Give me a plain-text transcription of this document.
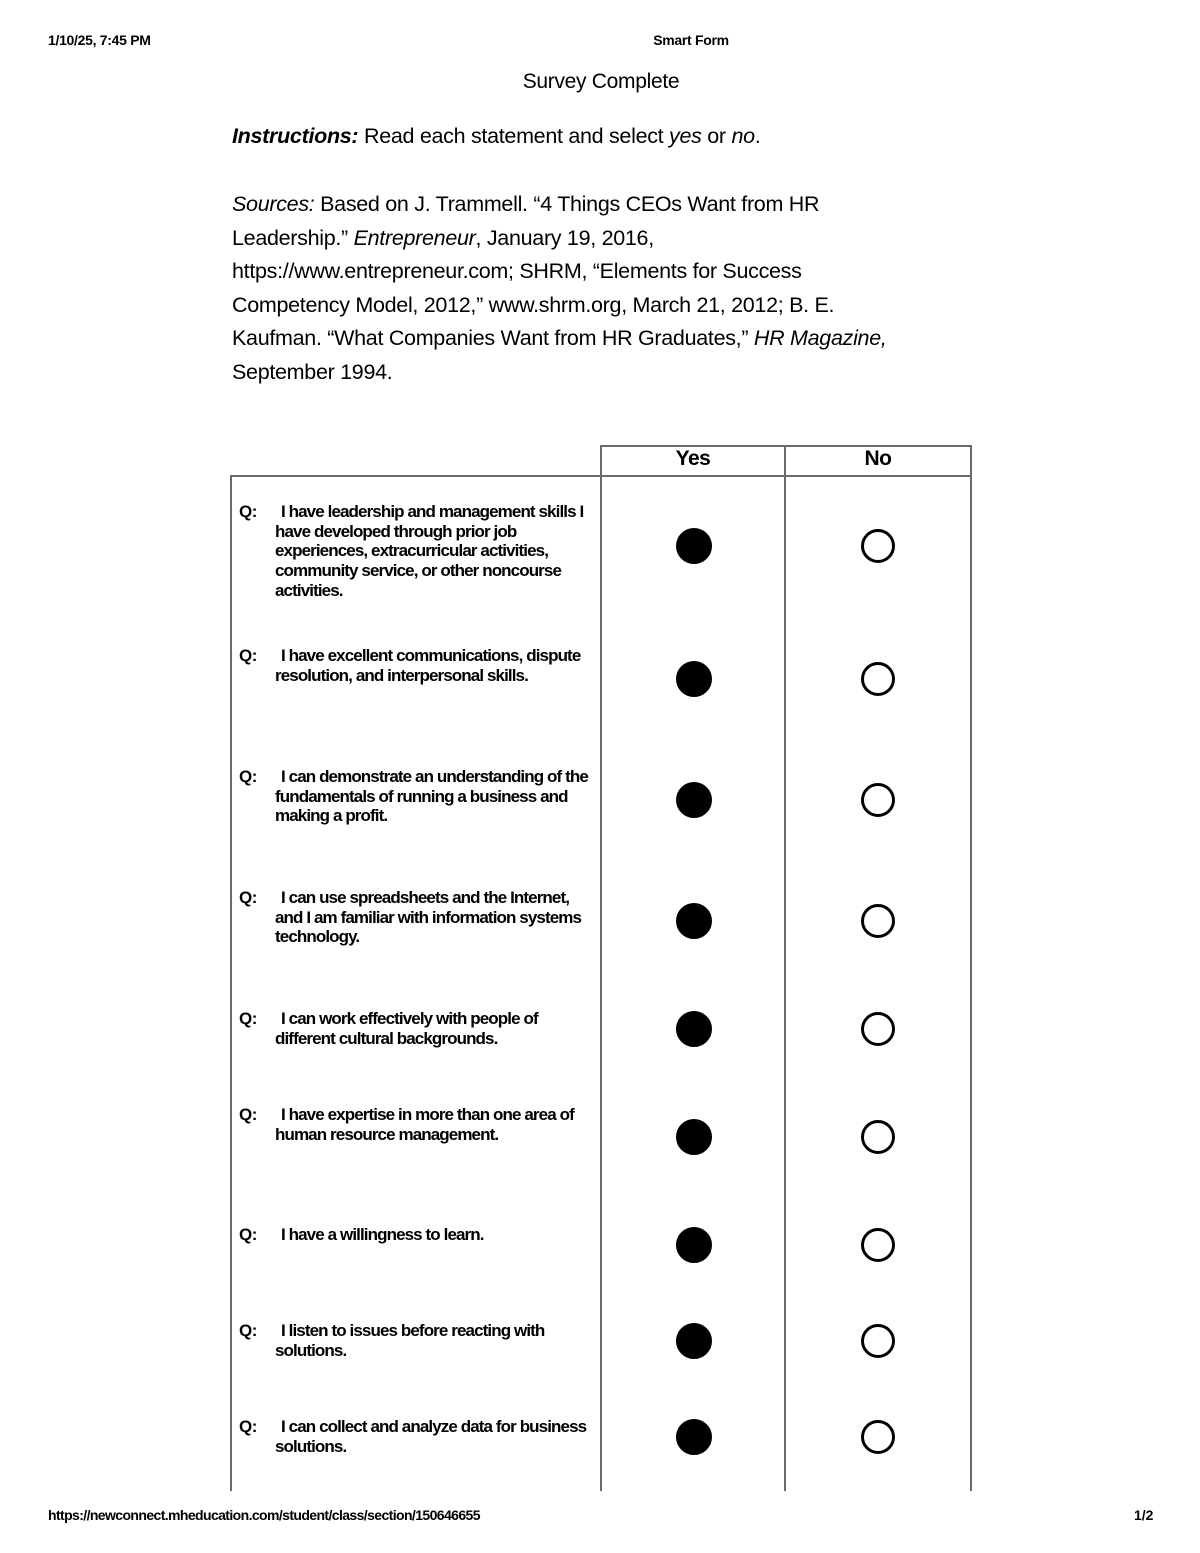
1/10/25, 7:45 PM	Smart Form
Survey Complete
Instructions: Read each statement and select yes or no.

Sources: Based on J. Trammell. “4 Things CEOs Want from HR

Leadership.” Entrepreneur, January 19, 2016,

https://www.entrepreneur.com; SHRM, “Elements for Success

Competency Model, 2012,” www.shrm.org, March 21, 2012; B. E.

Kaufman. “What Companies Want from HR Graduates,” HR Magazine,

September 1994.

Yes	No
Q:	I have leadership and management skills I have developed through prior job experiences, extracurricular activities, community service, or other noncourse activities.
Q:	I have excellent communications, dispute resolution, and interpersonal skills.
Q:	I can demonstrate an understanding of the fundamentals of running a business and making a profit.
Q:	I can use spreadsheets and the Internet, and I am familiar with information systems technology.
Q:	I can work effectively with people of different cultural backgrounds.
Q:	I have expertise in more than one area of human resource management.
Q:	I have a willingness to learn.
Q:	I listen to issues before reacting with solutions.
Q:	I can collect and analyze data for business solutions.
https://newconnect.mheducation.com/student/class/section/150646655	1/2
